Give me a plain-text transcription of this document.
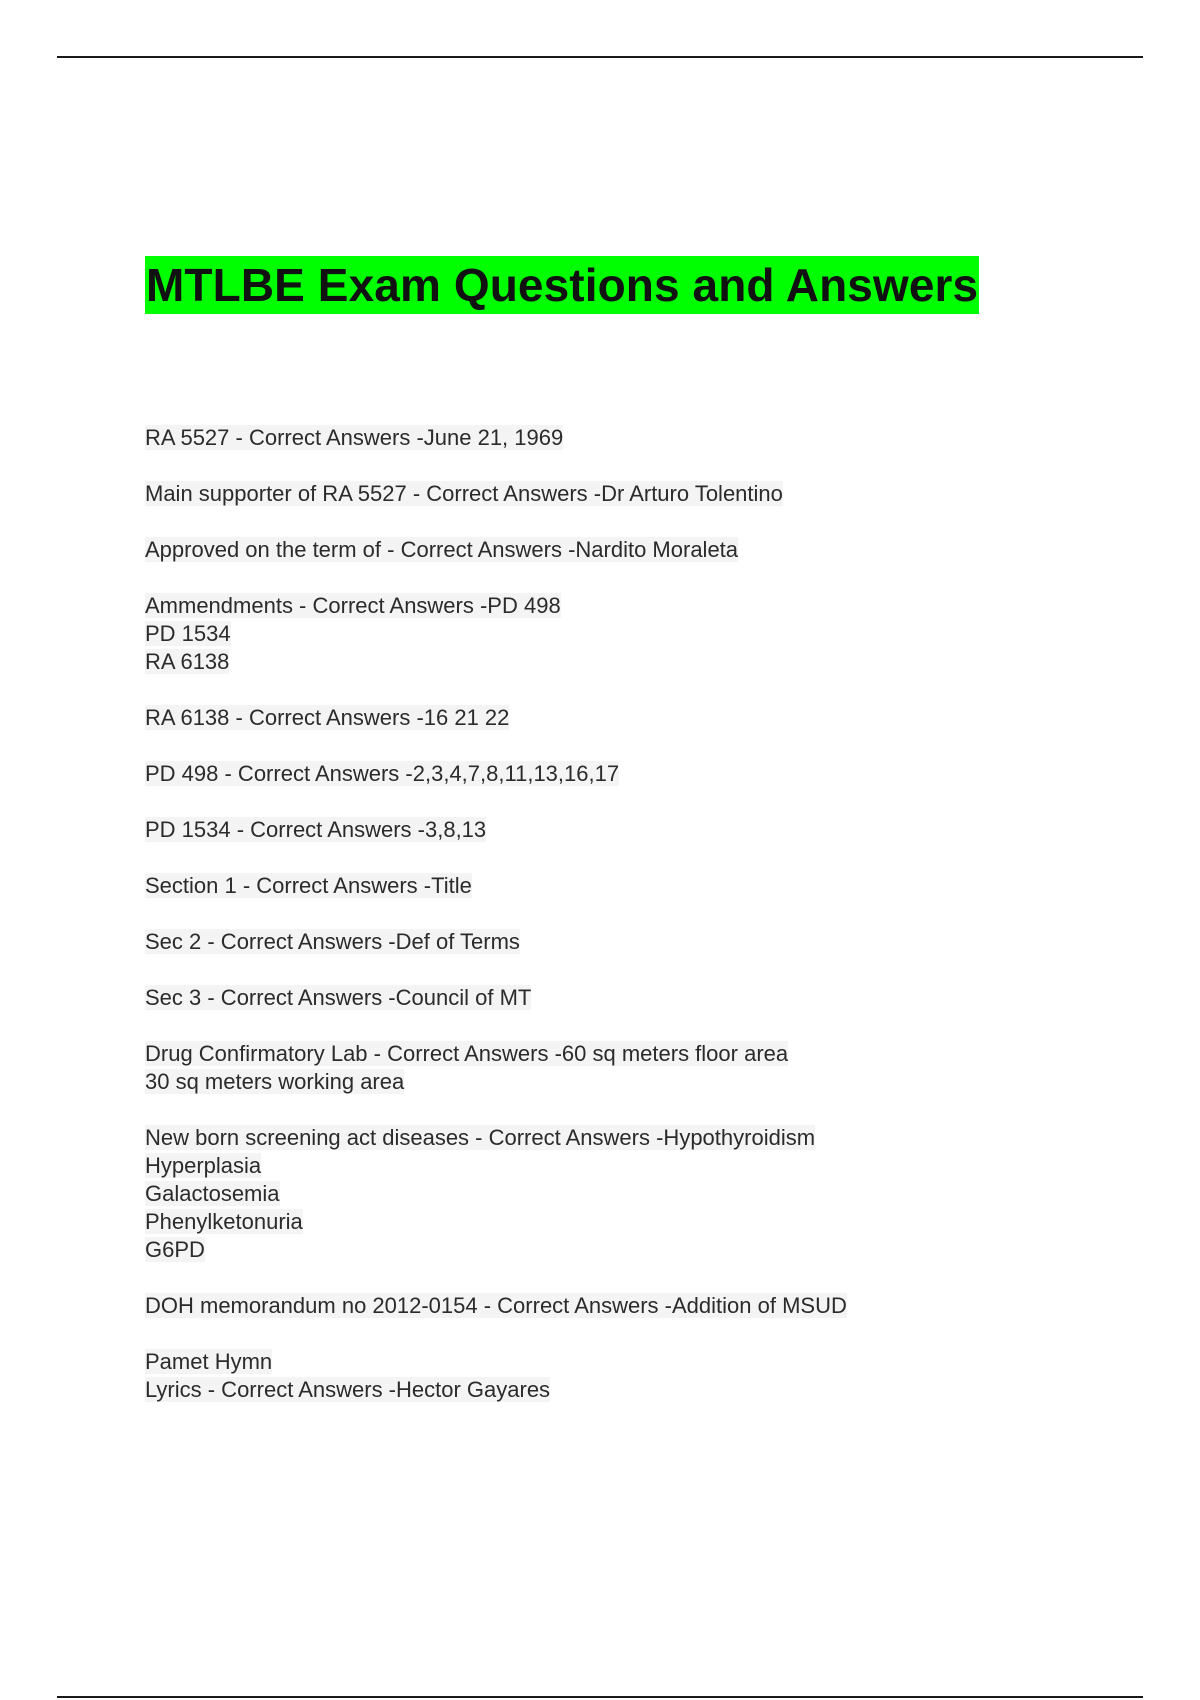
MTLBE Exam Questions and Answers
RA 5527 - Correct Answers -June 21, 1969
Main supporter of RA 5527 - Correct Answers -Dr Arturo Tolentino
Approved on the term of - Correct Answers -Nardito Moraleta
Ammendments - Correct Answers -PD 498
PD 1534
RA 6138
RA 6138 - Correct Answers -16 21 22
PD 498 - Correct Answers -2,3,4,7,8,11,13,16,17
PD 1534 - Correct Answers -3,8,13
Section 1 - Correct Answers -Title
Sec 2 - Correct Answers -Def of Terms
Sec 3 - Correct Answers -Council of MT
Drug Confirmatory Lab - Correct Answers -60 sq meters floor area
30 sq meters working area
New born screening act diseases - Correct Answers -Hypothyroidism
Hyperplasia
Galactosemia
Phenylketonuria
G6PD
DOH memorandum no 2012-0154 - Correct Answers -Addition of MSUD
Pamet Hymn
Lyrics - Correct Answers -Hector Gayares
